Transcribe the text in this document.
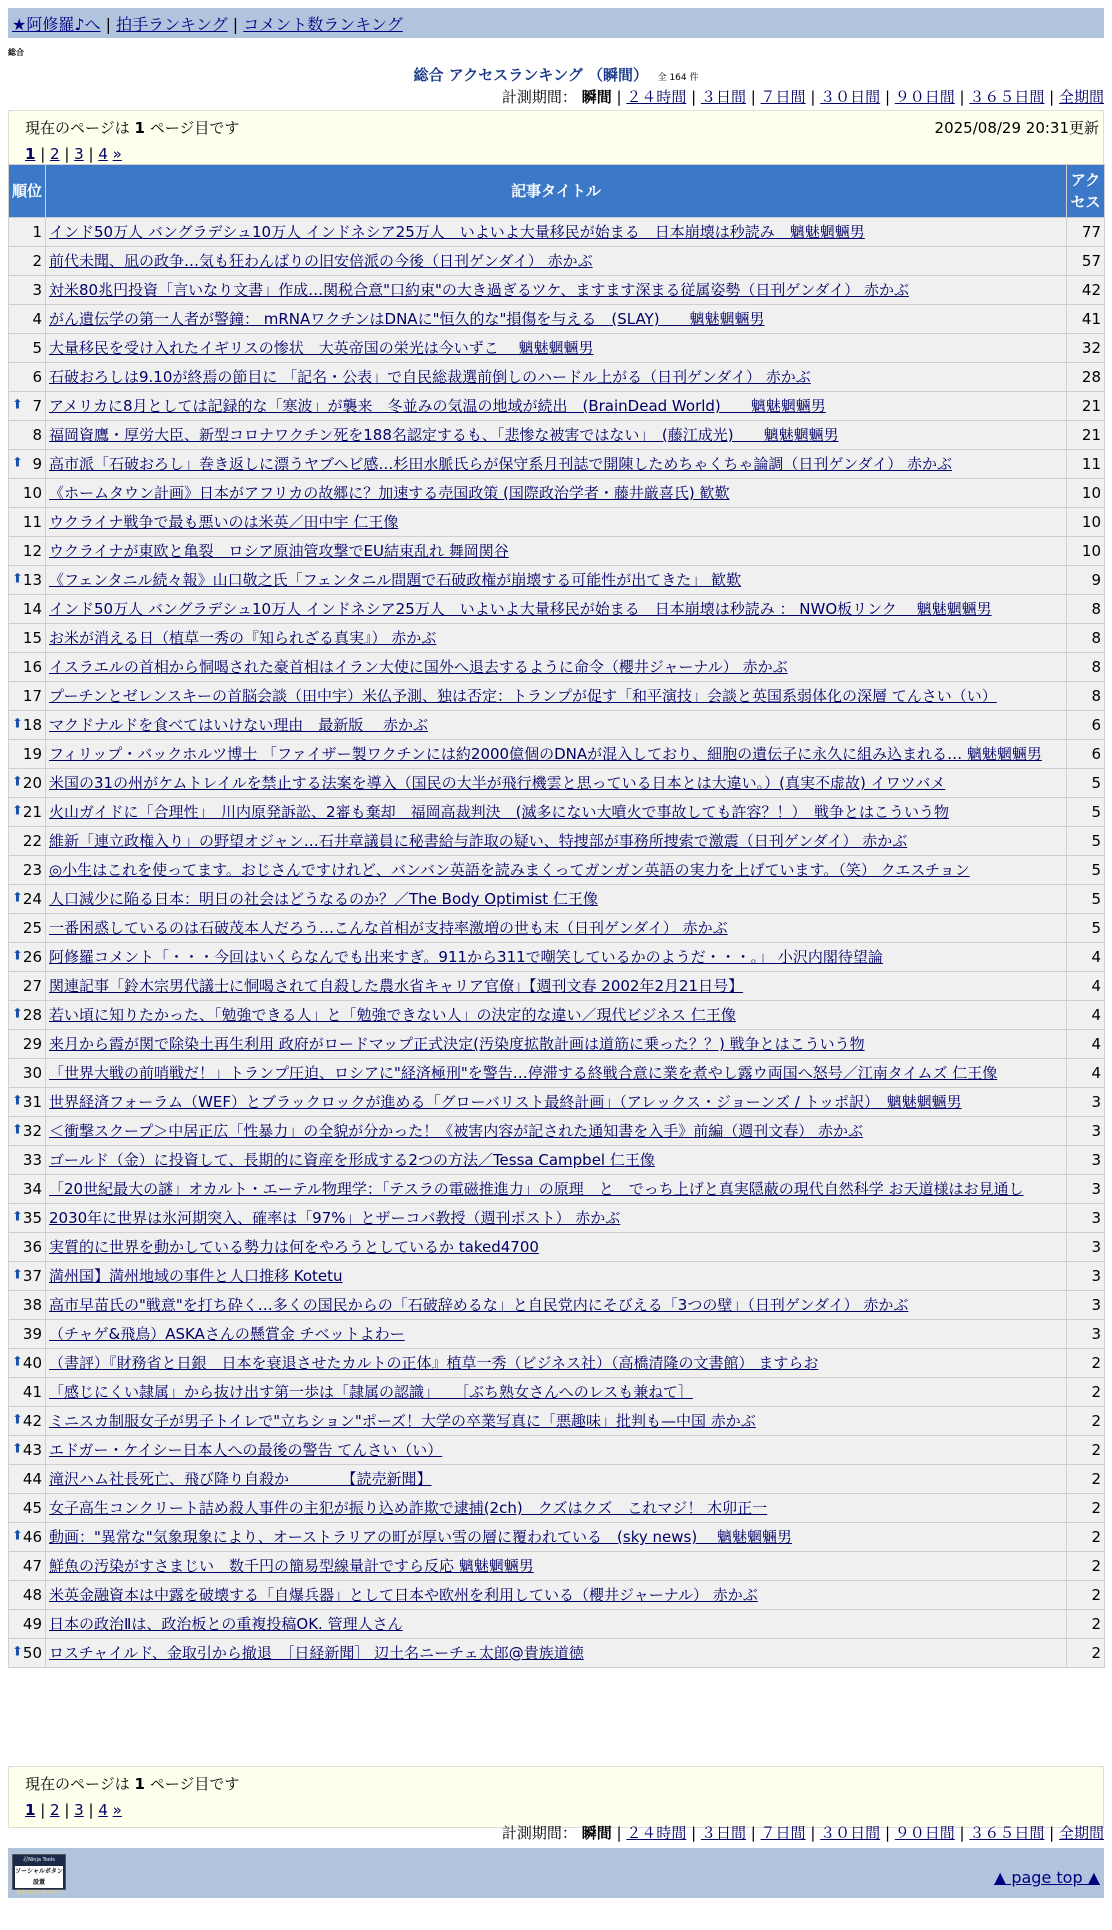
★阿修羅♪へ | 拍手ランキング | コメント数ランキング
総合
総合 アクセスランキング （瞬間） 全 164 件
計測期間： 瞬間 | ２４時間 | ３日間 | ７日間 | ３０日間 | ９０日間 | ３６５日間 | 全期間
現在のページは 1 ページ目です	2025/08/29 20:31更新
1 | 2 | 3 | 4 »
順位	記事タイトル	アクセス
1	インド50万人 バングラデシュ10万人 インドネシア25万人　いよいよ大量移民が始まる　日本崩壊は秒読み　魑魅魍魎男	77
2	前代未聞、凪の政争…気も狂わんばりの旧安倍派の今後（日刊ゲンダイ） 赤かぶ	57
3	対米80兆円投資「言いなり文書」作成…関税合意"口約束"の大き過ぎるツケ、ますます深まる従属姿勢（日刊ゲンダイ） 赤かぶ	42
4	がん遺伝学の第一人者が警鐘： mRNAワクチンはDNAに"恒久的な"損傷を与える　(SLAY)　　魑魅魍魎男	41
5	大量移民を受け入れたイギリスの惨状　大英帝国の栄光は今いずこ　 魑魅魍魎男	32
6	石破おろしは9.10が終焉の節目に 「記名・公表」で自民総裁選前倒しのハードル上がる（日刊ゲンダイ） 赤かぶ	28

⬆ 7	アメリカに8月としては記録的な「寒波」が襲来　冬並みの気温の地域が続出　(BrainDead World)　　魑魅魍魎男	21
8	福岡資鷹・厚労大臣、新型コロナワクチン死を188名認定するも、「悲惨な被害ではない」　(藤江成光)　　魑魅魍魎男	21

⬆ 9	高市派「石破おろし」巻き返しに漂うヤブヘビ感…杉田水脈氏らが保守系月刊誌で開陳しためちゃくちゃ論調（日刊ゲンダイ） 赤かぶ	11
10	《ホームタウン計画》日本がアフリカの故郷に？加速する売国政策 (国際政治学者・藤井厳喜氏) 歓歎	10
11	ウクライナ戦争で最も悪いのは米英／田中宇 仁王像	10
12	ウクライナが東欧と亀裂　ロシア原油管攻撃でEU結束乱れ 舞岡関谷	10

⬆ 13	《フェンタニル続々報》山口敬之氏「フェンタニル問題で石破政権が崩壊する可能性が出てきた」 歓歎	9
14	インド50万人 バングラデシュ10万人 インドネシア25万人　いよいよ大量移民が始まる　日本崩壊は秒読み ： NWO板リンク　 魑魅魍魎男	8
15	お米が消える日（植草一秀の『知られざる真実』） 赤かぶ	8
16	イスラエルの首相から恫喝された豪首相はイラン大使に国外へ退去するように命令（櫻井ジャーナル） 赤かぶ	8
17	プーチンとゼレンスキーの首脳会談（田中宇）米仏予測、独は否定：トランプが促す「和平演技」会談と英国系弱体化の深層 てんさい（い）	8

⬆ 18	マクドナルドを食べてはいけない理由　最新版　 赤かぶ	6
19	フィリップ・バックホルツ博士 「ファイザー製ワクチンには約2000億個のDNAが混入しており、細胞の遺伝子に永久に組み込まれる… 魑魅魍魎男	6

⬆ 20	米国の31の州がケムトレイルを禁止する法案を導入（国民の大半が飛行機雲と思っている日本とは大違い。）(真実不虚故) イワツバメ	5

⬆ 21	火山ガイドに「合理性」　川内原発訴訟、2審も棄却　福岡高裁判決　(滅多にない大噴火で事故しても許容？！）　戦争とはこういう物	5
22	維新「連立政権入り」の野望オジャン…石井章議員に秘書給与詐取の疑い、特捜部が事務所捜索で激震（日刊ゲンダイ） 赤かぶ	5
23	◎小生はこれを使ってます。おじさんですけれど、バンバン英語を読みまくってガンガン英語の実力を上げています。（笑） クエスチョン	5

⬆ 24	人口減少に陥る日本：明日の社会はどうなるのか？／The Body Optimist 仁王像	5
25	一番困惑しているのは石破茂本人だろう…こんな首相が支持率激増の世も末（日刊ゲンダイ） 赤かぶ	5

⬆ 26	阿修羅コメント「・・・今回はいくらなんでも出来すぎ。911から311で嘲笑しているかのようだ・・・。」 小沢内閣待望論	4
27	関連記事「鈴木宗男代議士に恫喝されて自殺した農水省キャリア官僚」【週刊文春 2002年2月21日号】	4

⬆ 28	若い頃に知りたかった、「勉強できる人」と「勉強できない人」の決定的な違い／現代ビジネス 仁王像	4
29	来月から霞が関で除染土再生利用 政府がロードマップ正式決定(汚染度拡散計画は道筋に乗った？？) 戦争とはこういう物	4
30	「世界大戦の前哨戦だ！」トランプ圧迫、ロシアに"経済極刑"を警告…停滞する終戦合意に業を煮やし露ウ両国へ怒号／江南タイムズ 仁王像	4

⬆ 31	世界経済フォーラム（WEF）とブラックロックが進める「グローバリスト最終計画」（アレックス・ジョーンズ / トッポ訳）　魑魅魍魎男	3

⬆ 32	＜衝撃スクープ＞中居正広「性暴力」の全貌が分かった！《被害内容が記された通知書を入手》前編（週刊文春） 赤かぶ	3
33	ゴールド（金）に投資して、長期的に資産を形成する2つの方法／Tessa Campbel 仁王像	3
34	「20世紀最大の謎」オカルト・エーテル物理学：「テスラの電磁推進力」の原理　と　でっち上げと真実隠蔽の現代自然科学 お天道様はお見通し	3

⬆ 35	2030年に世界は氷河期突入、確率は「97%」とザーコバ教授（週刊ポスト） 赤かぶ	3
36	実質的に世界を動かしている勢力は何をやろうとしているか taked4700	3

⬆ 37	満州国】満州地域の事件と人口推移 Kotetu	3
38	高市早苗氏の"戦意"を打ち砕く…多くの国民からの「石破辞めるな」と自民党内にそびえる「3つの壁」（日刊ゲンダイ） 赤かぶ	3
39	（チャゲ&飛鳥）ASKAさんの懸賞金 チベットよわー	3

⬆ 40	（書評）『財務省と日銀　日本を衰退させたカルトの正体』植草一秀（ビジネス社）（高橋清隆の文書館） ますらお	2
41	「感じにくい隷属」から抜け出す第一歩は「隷属の認識」　　［ぶち熟女さんへのレスも兼ねて］	2

⬆ 42	ミニスカ制服女子が男子トイレで"立ちション"ポーズ！大学の卒業写真に「悪趣味」批判も—中国 赤かぶ	2

⬆ 43	エドガー・ケイシー日本人への最後の警告 てんさい（い）	2
44	滝沢ハム社長死亡、飛び降り自殺か　　　　【読売新聞】	2
45	女子高生コンクリート詰め殺人事件の主犯が振り込め詐欺で逮捕(2ch)　クズはクズ　これマジ！ 木卯正一	2

⬆ 46	動画："異常な"気象現象により、オーストラリアの町が厚い雪の層に覆われている　(sky news)　 魑魅魍魎男	2
47	鮮魚の汚染がすさまじい　数千円の簡易型線量計ですら反応 魑魅魍魎男	2
48	米英金融資本は中露を破壊する「自爆兵器」として日本や欧州を利用している（櫻井ジャーナル） 赤かぶ	2
49	日本の政治Ⅱは、政治板との重複投稿OK. 管理人さん	2

⬆ 50	ロスチャイルド、金取引から撤退　［日経新聞］ 辺土名ニーチェ太郎@貴族道徳	2
現在のページは 1 ページ目です
1 | 2 | 3 | 4 »
計測期間： 瞬間 | ２４時間 | ３日間 | ７日間 | ３０日間 | ９０日間 | ３６５日間 | 全期間
忍Ninja Tools
ソーシャルボタン設置
忍者おまとめボタン
▲ page top ▲
